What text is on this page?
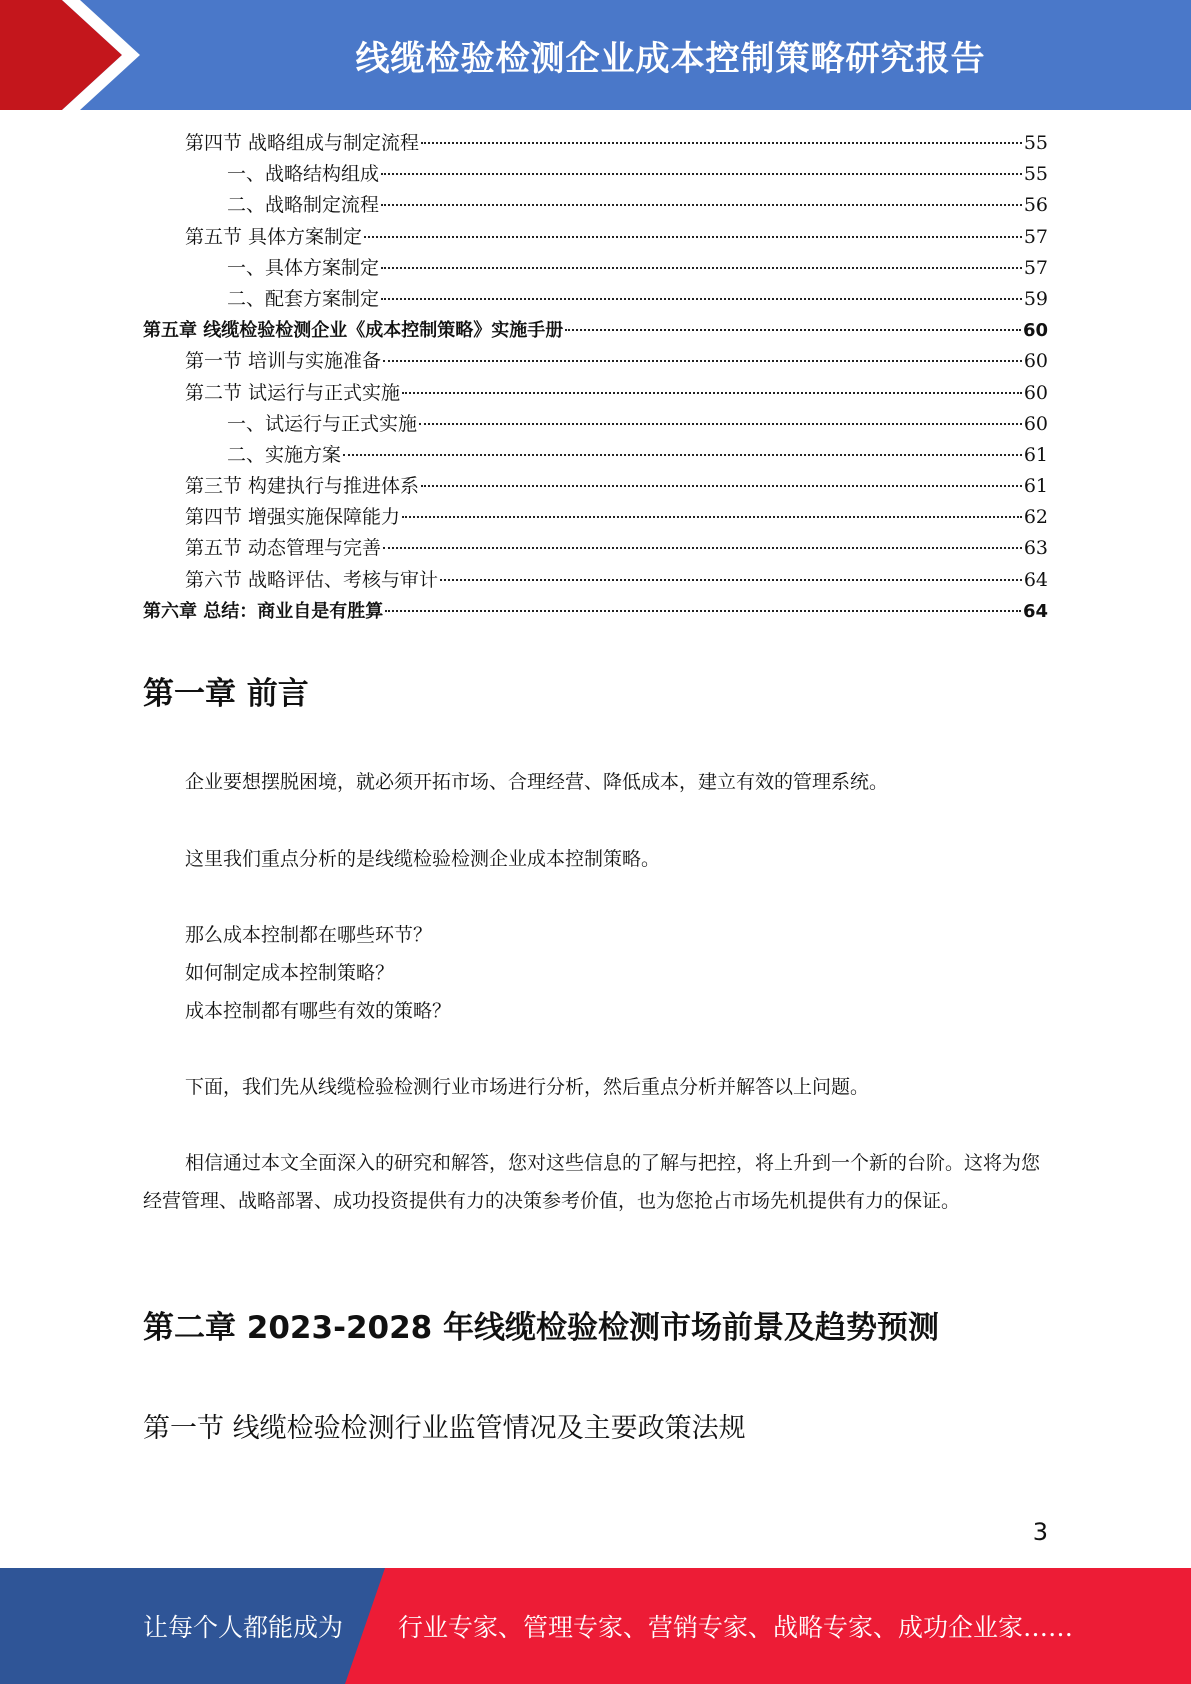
线缆检验检测企业成本控制策略研究报告
第四节 战略组成与制定流程	55
一、战略结构组成	55
二、战略制定流程	56
第五节 具体方案制定	57
一、具体方案制定	57
二、配套方案制定	59
第五章 线缆检验检测企业《成本控制策略》实施手册	60
第一节 培训与实施准备	60
第二节 试运行与正式实施	60
一、试运行与正式实施	60
二、实施方案	61
第三节 构建执行与推进体系	61
第四节 增强实施保障能力	62
第五节 动态管理与完善	63
第六节 战略评估、考核与审计	64
第六章 总结：商业自是有胜算	64
第一章 前言
企业要想摆脱困境，就必须开拓市场、合理经营、降低成本，建立有效的管理系统。
这里我们重点分析的是线缆检验检测企业成本控制策略。
那么成本控制都在哪些环节？
如何制定成本控制策略？
成本控制都有哪些有效的策略？
下面，我们先从线缆检验检测行业市场进行分析，然后重点分析并解答以上问题。
相信通过本文全面深入的研究和解答，您对这些信息的了解与把控，将上升到一个新的台阶。这将为您经营管理、战略部署、成功投资提供有力的决策参考价值，也为您抢占市场先机提供有力的保证。
第二章 2023-2028 年线缆检验检测市场前景及趋势预测
第一节 线缆检验检测行业监管情况及主要政策法规
3
让每个人都能成为 行业专家、管理专家、营销专家、战略专家、成功企业家……
